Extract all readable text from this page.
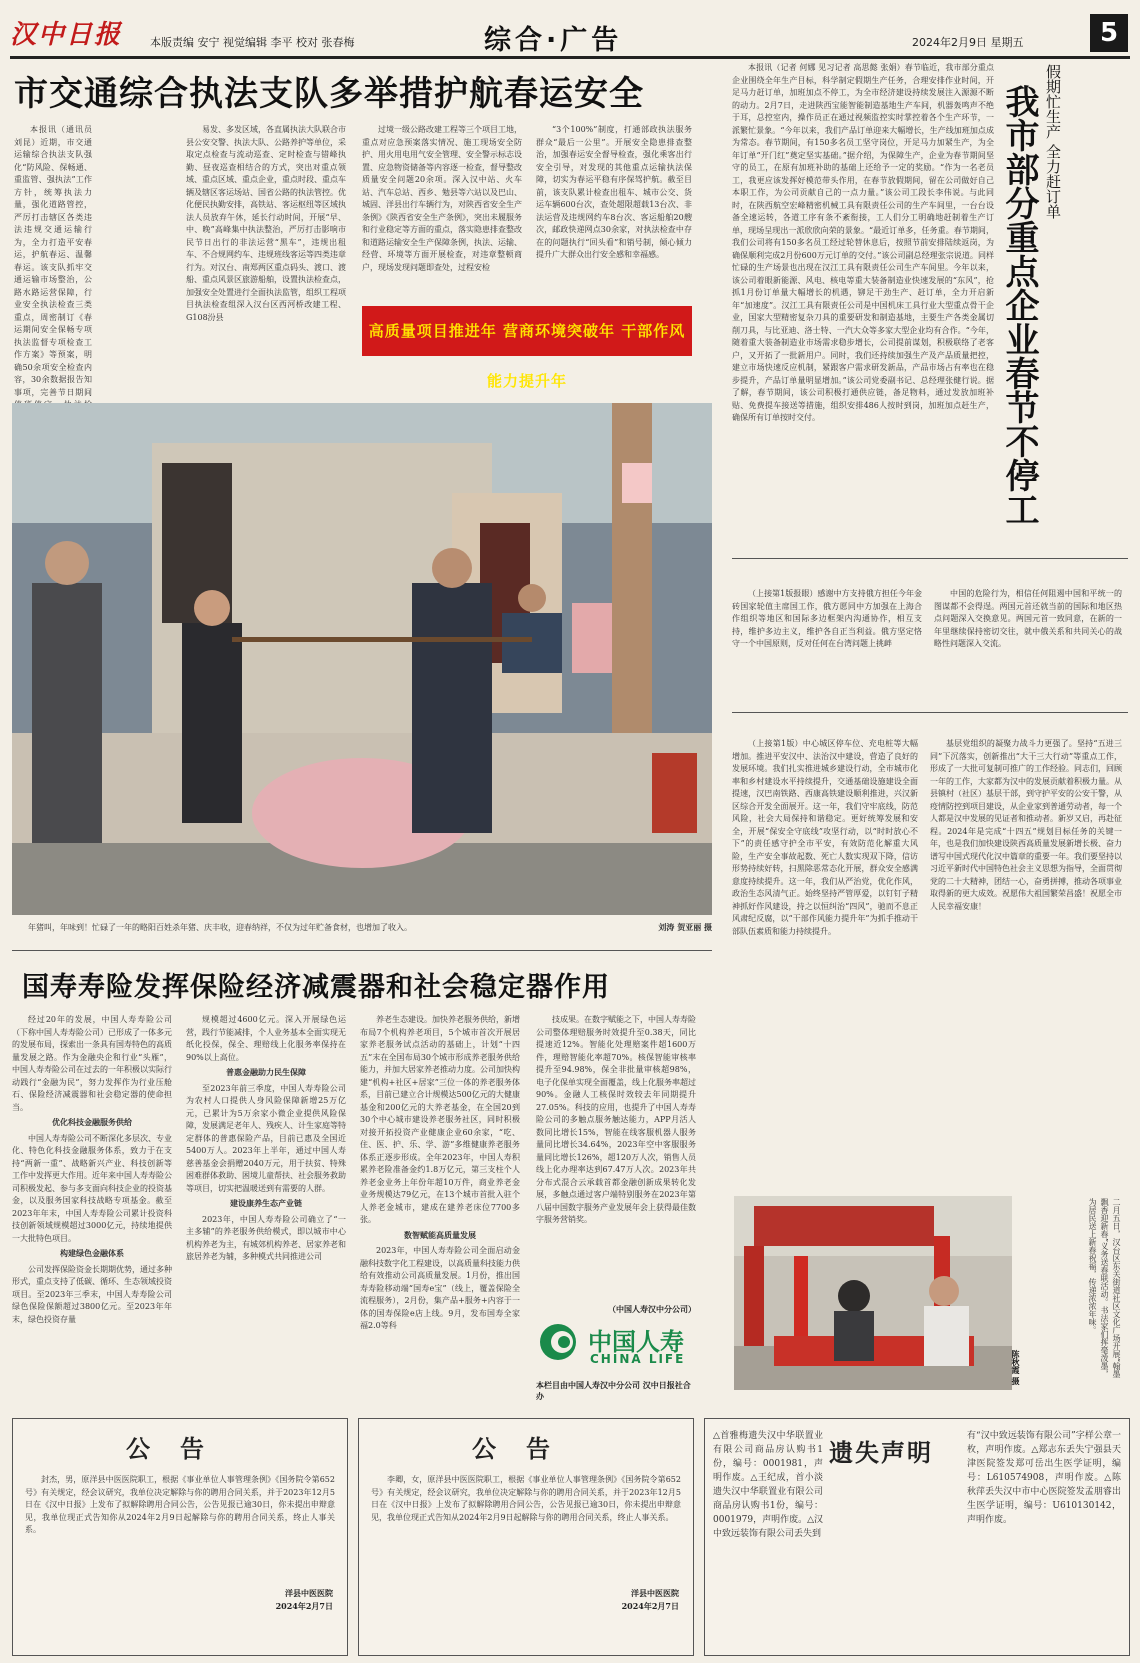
汉中日报	本版责编 安宁 视觉编辑 李平 校对 张春梅	综合·广告	2024年2月9日 星期五	5
市交通综合执法支队多举措护航春运安全

本报讯（通讯员 刘昆）近期，市交通运输综合执法支队强化“防风险、保畅通、重监管、强执法”工作方针，统筹执法力量，强化道路管控，严厉打击辖区各类违法违规交通运输行为，全力打造平安春运，护航春运、温馨春运。该支队抓牢交通运输市场整治，公路水路运营保障，行业安全执法检查三类重点，周密制订《春运期间安全保畅专项执法监督专项检查工作方案》等预案，明确50余项安全检查内容，30余数据报告知事项，完善节日期间

易发、多发区域，各直属执法大队联合市县公安交警、执法大队、公路养护等单位，采取定点检查与流动巡查、定时检查与错峰执勤、昼夜巡查相结合的方式，突出对重点领域、重点区域、重点企业，重点时段、重点车辆及辖区客运场站、国省公路的执法管控。优化便民执勤安排，高铁站、客运枢纽等区域执法人员放弃午休，延长行动时间，开展“早、中、晚”高峰集中执法整治，严厉打击影响市民节日出行的非法运营“黑车”，违规出租车、不合规网约车、违规班线客运等四类违章行为。对汉台、南郑两区重点码头、渡口、渡船、重点风景区旅游船舶，设置执法检查点，加强安全处置进行全面执法监管，组织工程项目执法检查组深入汉台区西河桥改建工程、G108汾县

过境一级公路改建工程等三个项目工地，重点对应急预案落实情况、施工现场安全防护、用火用电用气安全管理、安全警示标志设置、应急物资储备等内容逐一检查，督导整改质量安全问题20余项。深入汉中站、火车站、汽车总站、西乡、勉县等六站以及巴山、城固、洋县出行车辆行为，对陕西省安全生产条例》《陕西省安全生产条例》，突出未履服务和行业稳定等方面的重点，落实隐患排查整改和道路运输安全生产保障条例，执法、运输、经营、环境等方面开展检查，对违章整顿商户，现场发现问题即查处，过程安检

“3个100%”制度，打通部政执法服务群众“最后一公里”。开展安全隐患排查整治，加强春运安全督导检查，强化乘客出行安全引导，对发现的其他重点运输执法保障，切实为春运平稳有序保驾护航。截至目前，该支队累计检查出租车、城市公交、货运车辆600台次，查处超限超载13台次、非法运营及违规网约车8台次、客运船舶20艘次，邮政快递网点30余家，对执法检查中存在的问题执行“回头看”和销号制，倾心倾力提升广大群众出行安全感和幸福感。

高质量项目推进年 营商环境突破年 干部作风能力提升年

本报讯（记者 何娜 见习记者 高思懿 张娟）春节临近，我市部分重点企业围绕全年生产目标，科学制定假期生产任务，合理安排作业时间，开足马力赶订单，加班加点不停工，为全市经济建设持续发展注入源源不断的动力。2月7日，走进陕西宝能智能制造基地生产车间，机器轰鸣声不绝于耳，总控室内，操作员正在通过视频监控实时掌控着各个生产环节，一派繁忙景象。“今年以来，我们产品订单迎来大幅增长，生产线加班加点成为常态。春节期间，有150多名员工坚守岗位，开足马力加紧生产，为全年订单“开门红”奠定坚实基础。”据介绍，为保障生产，企业为春节期间坚守的员工，在原有加班补助的基础上还给予一定的奖励。“作为一名老员工，我更应该发挥好模范带头作用，在春节放假期间，留在公司做好自己本职工作，为公司贡献自己的一点力量。”该公司工段长李伟说。与此同时，在陕西航空宏峰精密机械工具有限责任公司的生产车间里，一台台设备全速运转，各道工序有条不紊衔接，工人们分工明确地赶制着生产订单，现场呈现出一派欣欣向荣的景象。“最近订单多，任务重。春节期间，我们公司将有150多名员工经过轮替休息后，按照节前安排陆续返岗，为确保顺利完成2月份600万元订单的交付。”该公司副总经理张宗说道。同样忙碌的生产场景也出现在汉江工具有限责任公司生产车间里。今年以来，该公司着眼新能源、风电、核电等重大装备制造业快速发展的“东风”，抢抓1月份订单量大幅增长的机遇，铆足干劲生产、赶订单，全力开启新年“加速度”。汉江工具有限责任公司是中国机床工具行业大型重点骨干企业，国家大型精密复杂刀具的重要研发和制造基地，主要生产各类金属切削刀具，与比亚迪、洛士特、一汽大众等多家大型企业均有合作。“今年，随着重大装备制造业市场需求稳步增长，公司提前谋划，积极联络了老客户，又开拓了一批新用户。同时，我们还持续加强生产及产品质量把控，建立市场快速反应机制，紧跟客户需求研发新品，产品市场占有率也在稳步提升，产品订单量明显增加。”该公司党委副书记、总经理张健行说。据了解，春节期间，该公司积极打通供应链，备足物料，通过发放加班补贴、免费提车接送等措施，组织安排486人按时到岗，加班加点赶生产，确保所有订单按时交付。

假期忙生产 全力赶订单
我市部分重点企业春节不停工
年猪叫，年味到！忙碌了一年的略阳百姓杀年猪、庆丰收，迎春纳祥，不仅为过年贮备食材，也增加了收入。	刘涛 贺亚丽 摄

（上接第1版报眼）感谢中方支持俄方担任今年金砖国家轮值主席国工作，俄方愿同中方加强在上海合作组织等地区和国际多边框架内沟通协作，相互支持，维护多边主义，维护各自正当利益。俄方坚定恪守一个中国原则，反对任何在台湾问题上挑衅

中国的危险行为，相信任何阻遏中国和平统一的图谋都不会得逞。两国元首还就当前的国际和地区热点问题深入交换意见。两国元首一致同意，在新的一年里继续保持密切交往，就中俄关系和共同关心的战略性问题深入交流。

（上接第1版）中心城区停车位、充电桩等大幅增加。推进平安汉中、法治汉中建设，营造了良好的发展环境。我们扎实推进城乡建设行动，全市城市化率和乡村建设水平持续提升，交通基础设施建设全面提速，汉巴南铁路、西康高铁建设顺利推进，兴汉新区综合开发全面展开。这一年，我们守牢底线，防范风险，社会大局保持和谐稳定。更好统筹发展和安全，开展“保安全守底线”攻坚行动，以“时时放心不下”的责任感守护全市平安，有效防范化解重大风险，生产安全事故起数、死亡人数实现双下降，信访形势持续好转，扫黑除恶常态化开展，群众安全感满意度持续提升。这一年，我们从严治党，优化作风，政治生态风清气正。始终坚持严管厚爱，以钉钉子精神抓好作风建设，持之以恒纠治“四风”，驰而不息正风肃纪反腐，以“干部作风能力提升年”为抓手推动干部队伍素质和能力持续提升。

基层党组织的凝聚力战斗力更强了。坚持“五进三同”下沉落实，创新推出“大干三大行动”等重点工作，形成了一大批可复制可推广的工作经验。同志们，回顾一年的工作，大家都为汉中的发展贡献着积极力量。从县镇村（社区）基层干部，到守护平安的公安干警，从疫情防控到项目建设，从企业家到普通劳动者，每一个人都是汉中发展的见证者和推动者。新岁又启，再赴征程。2024年是完成“十四五”规划目标任务的关键一年，也是我们加快建设陕西高质量发展新增长极、奋力谱写中国式现代化汉中篇章的重要一年。我们要坚持以习近平新时代中国特色社会主义思想为指导，全面贯彻党的二十大精神，团结一心，奋勇拼搏，推动各项事业取得新的更大成效。祝愿伟大祖国繁荣昌盛！祝愿全市人民幸福安康！

二月五日，汉台区东关街道社区文化广场开展“翰墨飘香迎新春”义务送春联活动。书法家们挥毫泼墨，为居民送上新春祝福，传递浓浓年味。
陈秋霞 摄
国寿寿险发挥保险经济减震器和社会稳定器作用

经过20年的发展，中国人寿寿险公司（下称中国人寿寿险公司）已形成了一体多元的发展布局，探索出一条具有国寿特色的高质量发展之路。作为金融央企和行业“头雁”，中国人寿寿险公司在过去的一年积极以实际行动践行“金融为民”，努力发挥作为行业压舱石、保险经济减震器和社会稳定器的使命担当。

优化科技金融服务供给

中国人寿寿险公司不断深化多层次、专业化、特色化科技金融服务体系，致力于在支持“两新一重”、战略新兴产业、科技创新等工作中发挥更大作用。近年来中国人寿寿险公司积极发起、参与多支面向科技企业的投资基金，以及服务国家科技战略专项基金。截至2023年年末，中国人寿寿险公司累计投资科技创新领域规模超过3000亿元，持续地提供一大批特色项目。

构建绿色金融体系

公司发挥保险资金长期期优势，通过多种形式，重点支持了低碳、循环、生态领域投资项目。至2023年三季末，中国人寿寿险公司绿色保险保额超过3800亿元。至2023年年末，绿色投资存量

规模超过4600亿元。深入开展绿色运营，践行节能减排，个人业务基本全面实现无纸化投保，保全、理赔线上化服务率保持在90%以上高位。

普惠金融助力民生保障

至2023年前三季度，中国人寿寿险公司为农村人口提供人身风险保障新增25万亿元，已累计为5万余家小微企业提供风险保障，发展满足老年人、残疾人、计生家庭等特定群体的普惠保险产品，目前已惠及全国近5400万人。2023年上半年，通过中国人寿慈善基金会捐赠2040万元，用于扶贫、特殊困难群体救助、困境儿童帮扶、社会服务救助等项目，切实把温暖送到有需要的人群。

建设康养生态产业链

2023年，中国人寿寿险公司确立了“一主多辅”的养老服务供给模式，即以城市中心机构养老为主，有城郊机构养老、居家养老和旅居养老为辅，多种模式共同推进公司

养老生态建设。加快养老服务供给，新增布局7个机构养老项目，5个城市首次开展居家养老服务试点活动的基础上，计划“十四五”末在全国布局30个城市形成养老服务供给能力，并加大居家养老推动力度。公司加快构建“机构+社区+居家”三位一体的养老服务体系，目前已建立合计规模达500亿元的大健康基金和200亿元的大养老基金，在全国20到30个中心城市建设养老服务社区，同时积极对接开拓投资产业健康企业60余家，“吃、住、医、护、乐、学、游”多维健康养老服务体系正逐步形成。全年2023年，中国人寿积累养老险准备金约1.8万亿元，第三支柱个人养老金业务上年份年超10万件，商业养老金业务规模达79亿元，在13个城市首批入驻个人养老金城市，建成在建养老床位7700多张。

数智赋能高质量发展

2023年，中国人寿寿险公司全面启动金融科技数字化工程建设，以高质量科技能力供给有效推动公司高质量发展。1月份，推出国寿寿险移动端“国寿e宝”（线上，覆盖保险全流程服务），2月份，集产品+服务+内容于一体的国寿保险e店上线。9月，发布国寿全家福2.0等科

技成果。在数字赋能之下，中国人寿寿险公司整体理赔服务时效提升至0.38天，同比提速近12%。智能化处理赔案件超1600万件，理赔智能化率超70%。核保智能审核率提升至94.98%，保全非批量审核超98%，电子化保单实现全面覆盖，线上化服务率超过90%。金融人工核保时效较去年同期提升27.05%。科技的应用，也提升了中国人寿寿险公司的多触点服务触达能力，APP月活人数同比增长15%，智能在线客服机器人服务量同比增长34.64%，2023年空中客服服务量同比增长126%，超120万人次，销售人员线上化办理率达到67.47万人次。2023年共分布式混合云承载首都金融创新成果转化发展，多触点通过客户端特别服务在2023年第八届中国数字服务产业发展年会上获得最佳数字服务营销奖。

（中国人寿汉中分公司）
中国人寿
CHINA LIFE
本栏目由中国人寿汉中分公司 汉中日报社合办
公告

封杰，男，原洋县中医医院职工，根据《事业单位人事管理条例》《国务院令第652号》有关规定，经会议研究，我单位决定解除与你的聘用合同关系，并于2023年12月5日在《汉中日报》上发布了拟解除聘用合同公告，公告见报已逾30日，你未提出申辩意见，我单位现正式告知你从2024年2月9日起解除与你的聘用合同关系，终止人事关系。

洋县中医医院
2024年2月7日
公告

李卿，女，原洋县中医医院职工，根据《事业单位人事管理条例》《国务院令第652号》有关规定，经会议研究，我单位决定解除与你的聘用合同关系，并于2023年12月5日在《汉中日报》上发布了拟解除聘用合同公告，公告见报已逾30日，你未提出申辩意见，我单位现正式告知从2024年2月9日起解除与你的聘用合同关系，终止人事关系。

洋县中医医院
2024年2月7日

△首雅梅遗失汉中华联置业有限公司商品房认购书1份，编号：0001981，声明作废。△王纪成，首小淡遗失汉中华联置业有限公司商品房认购书1份，编号：0001979，声明作废。△汉中致远装饰有限公司丢失到

遗失声明

有“汉中致远装饰有限公司”字样公章一枚，声明作废。△郑志东丢失宁强县天津医院签发郑可岳出生医学证明，编号：L610574908，声明作废。△陈秋萍丢失汉中市中心医院签发孟朋睿出生医学证明，编号：U610130142，声明作废。
